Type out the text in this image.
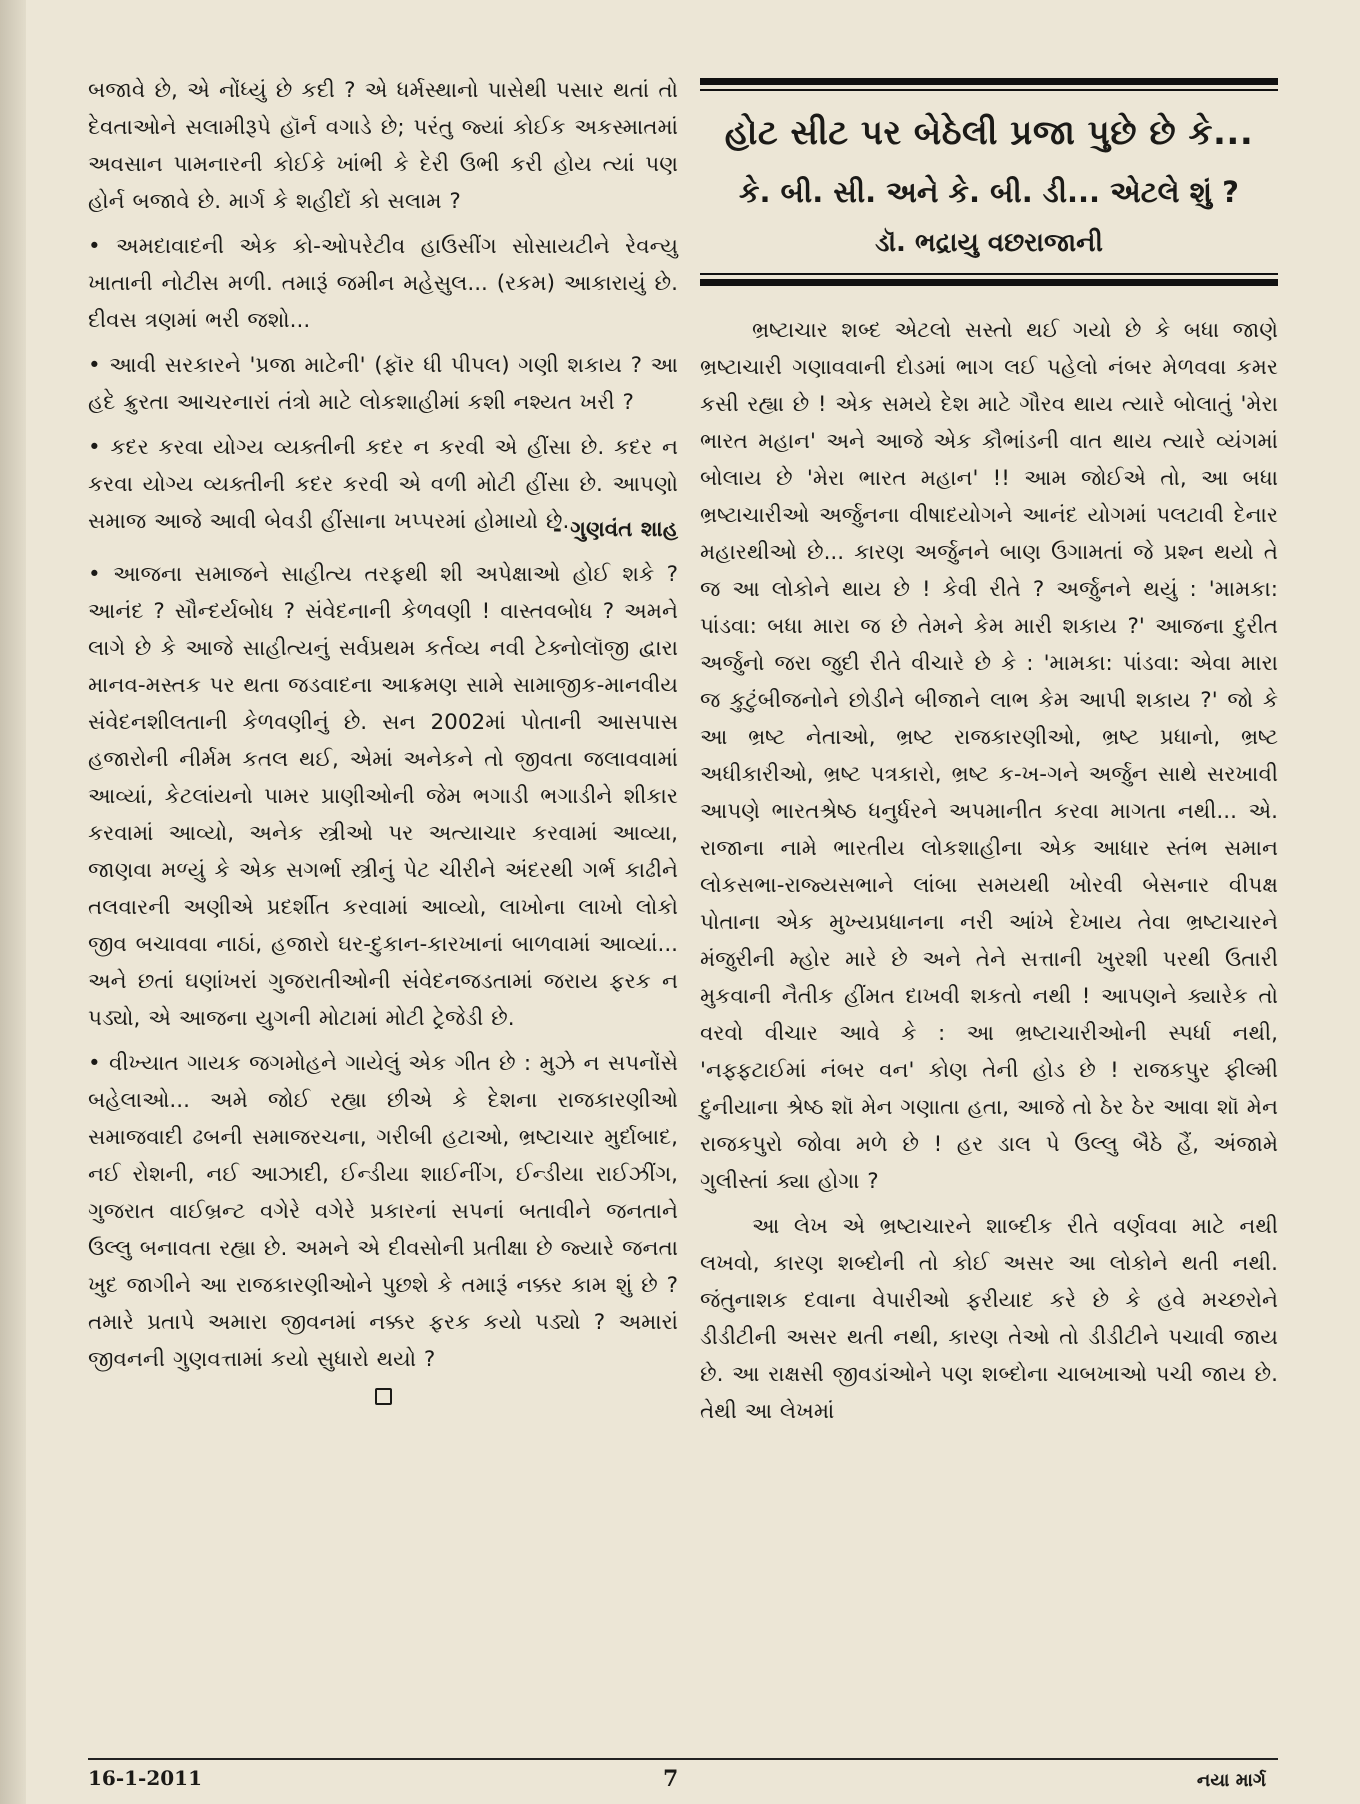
બજાવે છે, એ નોંધ્યું છે કદી ? એ ધર્મસ્થાનો પાસેથી પસાર થતાં તો દેવતાઓને સલામીરૂપે હૉર્ન વગાડે છે; પરંતુ જ્યાં કોઈક અકસ્માતમાં અવસાન પામનારની કોઈકે ખાંભી કે દેરી ઉભી કરી હોય ત્યાં પણ હોર્ન બજાવે છે. માર્ગ કે શહીદોં કો સલામ ?

• અમદાવાદની એક કો-ઓપરેટીવ હાઉસીંગ સોસાયટીને રેવન્યુ ખાતાની નોટીસ મળી. તમારૂં જમીન મહેસુલ... (રકમ) આકારાયું છે. દીવસ ત્રણમાં ભરી જશો...

• આવી સરકારને 'પ્રજા માટેની' (ફૉર ધી પીપલ) ગણી શકાય ? આ હદે ક્રુરતા આચરનારાં તંત્રો માટે લોકશાહીમાં કશી નશ્યત ખરી ?

• કદર કરવા યોગ્ય વ્યક્તીની કદર ન કરવી એ હીંસા છે. કદર ન કરવા યોગ્ય વ્યક્તીની કદર કરવી એ વળી મોટી હીંસા છે. આપણો સમાજ આજે આવી બેવડી હીંસાના ખપ્પરમાં હોમાયો છે.

- ગુણવંત શાહ

• આજના સમાજને સાહીત્ય તરફથી શી અપેક્ષાઓ હોઈ શકે ? આનંદ ? સૌન્દર્યબોધ ? સંવેદનાની કેળવણી ! વાસ્તવબોધ ? અમને લાગે છે કે આજે સાહીત્યનું સર્વપ્રથમ કર્તવ્ય નવી ટેક્નોલૉજી દ્વારા માનવ-મસ્તક પર થતા જડવાદના આક્રમણ સામે સામાજીક-માનવીય સંવેદનશીલતાની કેળવણીનું છે. સન 2002માં પોતાની આસપાસ હજારોની નીર્મમ કતલ થઈ, એમાં અનેકને તો જીવતા જલાવવામાં આવ્યાં, કેટલાંયનો પામર પ્રાણીઓની જેમ ભગાડી ભગાડીને શીકાર કરવામાં આવ્યો, અનેક સ્ત્રીઓ પર અત્યાચાર કરવામાં આવ્યા, જાણવા મળ્યું કે એક સગર્ભા સ્ત્રીનું પેટ ચીરીને અંદરથી ગર્ભ કાઢીને તલવારની અણીએ પ્રદર્શીત કરવામાં આવ્યો, લાખોના લાખો લોકો જીવ બચાવવા નાઠાં, હજારો ઘર-દુકાન-કારખાનાં બાળવામાં આવ્યાં... અને છતાં ઘણાંખરાં ગુજરાતીઓની સંવેદનજડતામાં જરાય ફરક ન પડ્યો, એ આજના યુગની મોટામાં મોટી ટ્રેજેડી છે.

• વીખ્યાત ગાયક જગમોહને ગાયેલું એક ગીત છે : મુઝે ન સપનોંસે બહેલાઓ... અમે જોઈ રહ્યા છીએ કે દેશના રાજકારણીઓ સમાજવાદી ઢબની સમાજરચના, ગરીબી હટાઓ, ભ્રષ્ટાચાર મુર્દાબાદ, નઈ રોશની, નઈ આઝાદી, ઈન્ડીયા શાઈનીંગ, ઈન્ડીયા રાઈઝીંગ, ગુજરાત વાઈબ્રન્ટ વગેરે વગેરે પ્રકારનાં સપનાં બતાવીને જનતાને ઉલ્લુ બનાવતા રહ્યા છે. અમને એ દીવસોની પ્રતીક્ષા છે જ્યારે જનતા ખુદ જાગીને આ રાજકારણીઓને પુછશે કે તમારૂં નક્કર કામ શું છે ? તમારે પ્રતાપે અમારા જીવનમાં નક્કર ફરક કયો પડ્યો ? અમારાં જીવનની ગુણવત્તામાં કયો સુધારો થયો ?

હોટ સીટ પર બેઠેલી પ્રજા પુછે છે કે...
કે. બી. સી. અને કે. બી. ડી... એટલે શું ?
ડૉ. ભદ્રાયુ વછરાજાની

ભ્રષ્ટાચાર શબ્દ એટલો સસ્તો થઈ ગયો છે કે બધા જાણે ભ્રષ્ટાચારી ગણાવવાની દોડમાં ભાગ લઈ પહેલો નંબર મેળવવા કમર કસી રહ્યા છે ! એક સમયે દેશ માટે ગૌરવ થાય ત્યારે બોલાતું 'મેરા ભારત મહાન' અને આજે એક કૌભાંડની વાત થાય ત્યારે વ્યંગમાં બોલાય છે 'મેરા ભારત મહાન' !! આમ જોઈએ તો, આ બધા ભ્રષ્ટાચારીઓ અર્જુનના વીષાદયોગને આનંદ યોગમાં પલટાવી દેનાર મહારથીઓ છે... કારણ અર્જુનને બાણ ઉગામતાં જે પ્રશ્ન થયો તે જ આ લોકોને થાય છે ! કેવી રીતે ? અર્જુનને થયું : 'મામકા: પાંડવા: બધા મારા જ છે તેમને કેમ મારી શકાય ?' આજના દુરીત અર્જુનો જરા જુદી રીતે વીચારે છે કે : 'મામકા: પાંડવા: એવા મારા જ કુટુંબીજનોને છોડીને બીજાને લાભ કેમ આપી શકાય ?' જો કે આ ભ્રષ્ટ નેતાઓ, ભ્રષ્ટ રાજકારણીઓ, ભ્રષ્ટ પ્રધાનો, ભ્રષ્ટ અધીકારીઓ, ભ્રષ્ટ પત્રકારો, ભ્રષ્ટ ક-ખ-ગને અર્જુન સાથે સરખાવી આપણે ભારતશ્રેષ્ઠ ધનુર્ધરને અપમાનીત કરવા માગતા નથી... એ. રાજાના નામે ભારતીય લોકશાહીના એક આધાર સ્તંભ સમાન લોકસભા-રાજ્યસભાને લાંબા સમયથી ખોરવી બેસનાર વીપક્ષ પોતાના એક મુખ્યપ્રધાનના નરી આંખે દેખાય તેવા ભ્રષ્ટાચારને મંજુરીની મ્હોર મારે છે અને તેને સત્તાની ખુરશી પરથી ઉતારી મુકવાની નૈતીક હીંમત દાખવી શકતો નથી ! આપણને ક્યારેક તો વરવો વીચાર આવે કે : આ ભ્રષ્ટાચારીઓની સ્પર્ધા નથી, 'નફ્ફટાઈમાં નંબર વન' કોણ તેની હોડ છે ! રાજકપુર ફીલ્મી દુનીયાના શ્રેષ્ઠ શૉ મેન ગણાતા હતા, આજે તો ઠેર ઠેર આવા શૉ મેન રાજકપુરો જોવા મળે છે ! હર ડાલ પે ઉલ્લુ બૈઠે હૈં, અંજામે ગુલીસ્તાં ક્યા હોગા ?

આ લેખ એ ભ્રષ્ટાચારને શાબ્દીક રીતે વર્ણવવા માટે નથી લખવો, કારણ શબ્દોની તો કોઈ અસર આ લોકોને થતી નથી. જંતુનાશક દવાના વેપારીઓ ફરીયાદ કરે છે કે હવે મચ્છરોને ડીડીટીની અસર થતી નથી, કારણ તેઓ તો ડીડીટીને પચાવી જાય છે. આ રાક્ષસી જીવડાંઓને પણ શબ્દોના ચાબખાઓ પચી જાય છે. તેથી આ લેખમાં

16-1-2011	7	નયા માર્ગ
